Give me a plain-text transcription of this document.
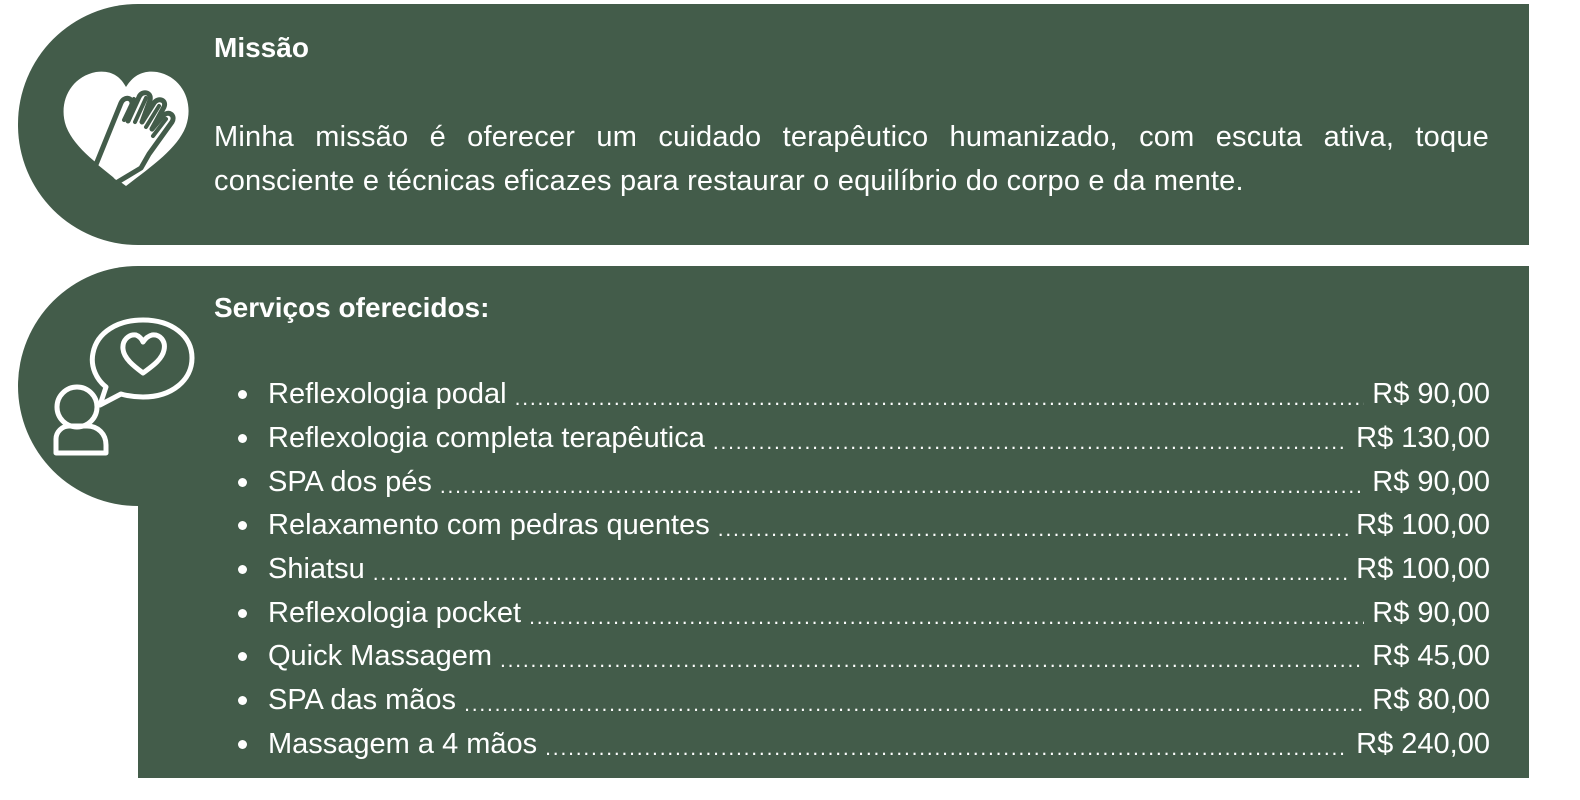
Missão
Minha missão é oferecer um cuidado terapêutico humanizado, com escuta ativa, toque consciente e técnicas eficazes para restaurar o equilíbrio do corpo e da mente.
Serviços oferecidos:
Reflexologia podal .....	R$ 90,00
Reflexologia completa terapêutica .....	R$ 130,00
SPA dos pés .....	R$ 90,00
Relaxamento com pedras quentes .....	R$ 100,00
Shiatsu .....	R$ 100,00
Reflexologia pocket .....	R$ 90,00
Quick Massagem .....	R$ 45,00
SPA das mãos .....	R$ 80,00
Massagem a 4 mãos .....	R$ 240,00
